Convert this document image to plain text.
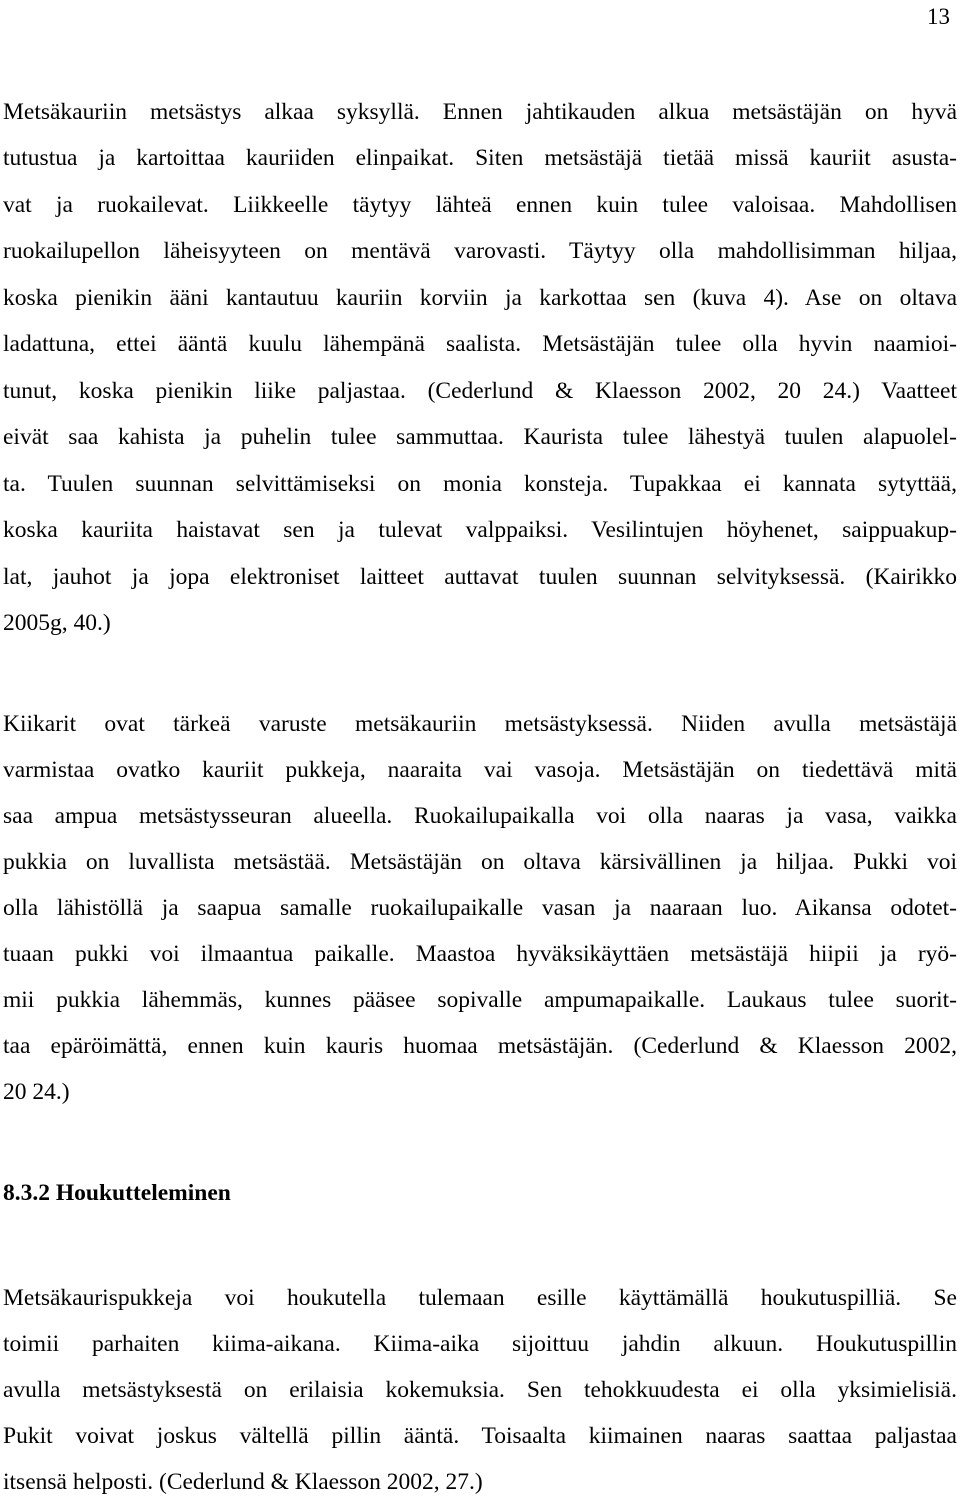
13
Metsäkauriin metsästys alkaa syksyllä. Ennen jahtikauden alkua metsästäjän on hyvä
tutustua ja kartoittaa kauriiden elinpaikat. Siten metsästäjä tietää missä kauriit asusta-
vat ja ruokailevat. Liikkeelle täytyy lähteä ennen kuin tulee valoisaa. Mahdollisen
ruokailupellon läheisyyteen on mentävä varovasti. Täytyy olla mahdollisimman hiljaa,
koska pienikin ääni kantautuu kauriin korviin ja karkottaa sen (kuva 4). Ase on oltava
ladattuna, ettei ääntä kuulu lähempänä saalista. Metsästäjän tulee olla hyvin naamioi-
tunut, koska pienikin liike paljastaa. (Cederlund & Klaesson 2002, 20 24.) Vaatteet
eivät saa kahista ja puhelin tulee sammuttaa. Kaurista tulee lähestyä tuulen alapuolel-
ta. Tuulen suunnan selvittämiseksi on monia konsteja. Tupakkaa ei kannata sytyttää,
koska kauriita haistavat sen ja tulevat valppaiksi. Vesilintujen höyhenet, saippuakup-
lat, jauhot ja jopa elektroniset laitteet auttavat tuulen suunnan selvityksessä. (Kairikko
2005g, 40.)
Kiikarit ovat tärkeä varuste metsäkauriin metsästyksessä. Niiden avulla metsästäjä
varmistaa ovatko kauriit pukkeja, naaraita vai vasoja. Metsästäjän on tiedettävä mitä
saa ampua metsästysseuran alueella. Ruokailupaikalla voi olla naaras ja vasa, vaikka
pukkia on luvallista metsästää. Metsästäjän on oltava kärsivällinen ja hiljaa. Pukki voi
olla lähistöllä ja saapua samalle ruokailupaikalle vasan ja naaraan luo. Aikansa odotet-
tuaan pukki voi ilmaantua paikalle. Maastoa hyväksikäyttäen metsästäjä hiipii ja ryö-
mii pukkia lähemmäs, kunnes pääsee sopivalle ampumapaikalle. Laukaus tulee suorit-
taa epäröimättä, ennen kuin kauris huomaa metsästäjän. (Cederlund & Klaesson 2002,
20 24.)
8.3.2 Houkutteleminen
Metsäkaurispukkeja voi houkutella tulemaan esille käyttämällä houkutuspilliä. Se
toimii parhaiten kiima-aikana. Kiima-aika sijoittuu jahdin alkuun. Houkutuspillin
avulla metsästyksestä on erilaisia kokemuksia. Sen tehokkuudesta ei olla yksimielisiä.
Pukit voivat joskus vältellä pillin ääntä. Toisaalta kiimainen naaras saattaa paljastaa
itsensä helposti. (Cederlund & Klaesson 2002, 27.)
